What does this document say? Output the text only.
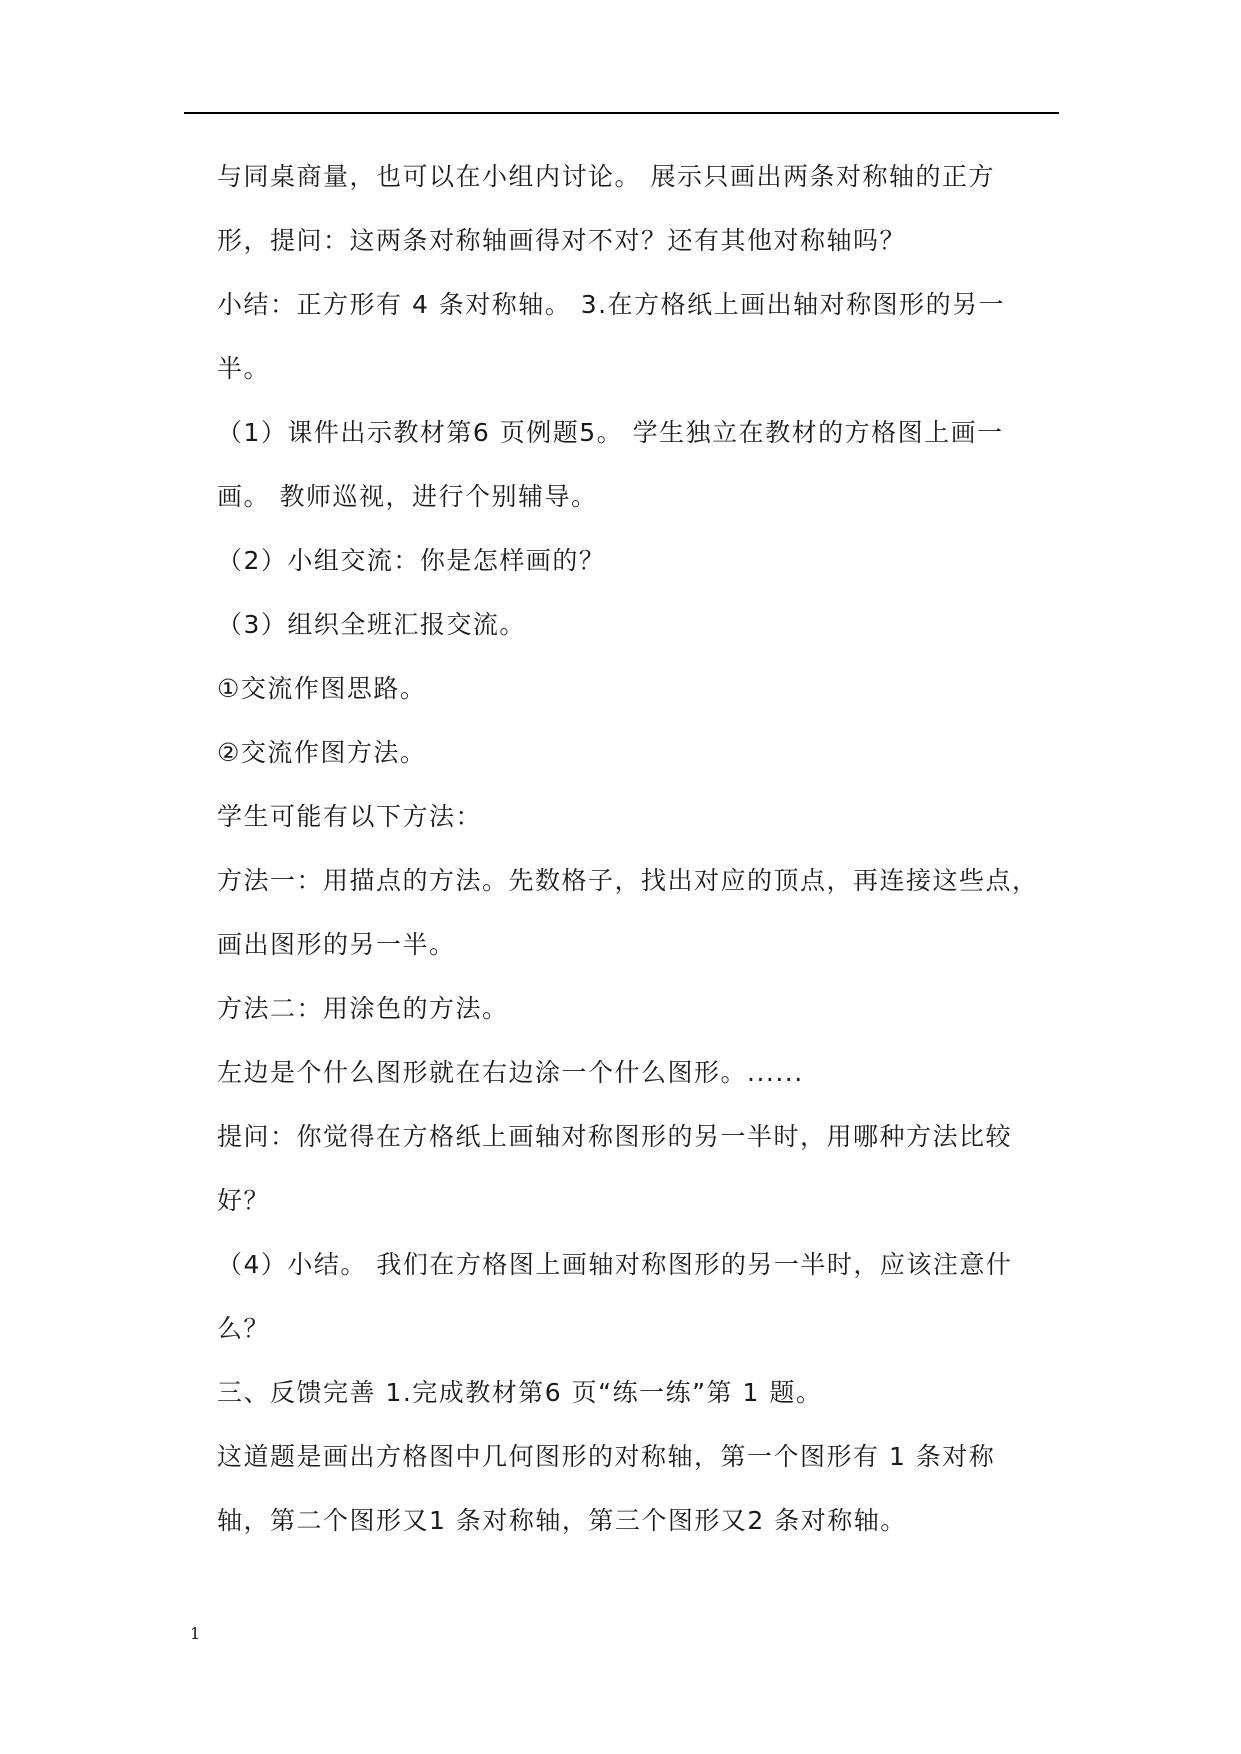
与同桌商量，也可以在小组内讨论。 展示只画出两条对称轴的正方
形，提问：这两条对称轴画得对不对？还有其他对称轴吗？
小结：正方形有 4 条对称轴。 3.在方格纸上画出轴对称图形的另一
半。
（1）课件出示教材第6 页例题5。 学生独立在教材的方格图上画一
画。 教师巡视，进行个别辅导。
（2）小组交流：你是怎样画的？
（3）组织全班汇报交流。
①交流作图思路。
②交流作图方法。
学生可能有以下方法：
方法一：用描点的方法。先数格子，找出对应的顶点，再连接这些点，
画出图形的另一半。
方法二：用涂色的方法。
左边是个什么图形就在右边涂一个什么图形。......
提问：你觉得在方格纸上画轴对称图形的另一半时，用哪种方法比较
好？
（4）小结。 我们在方格图上画轴对称图形的另一半时，应该注意什
么？
三、反馈完善 1.完成教材第6 页“练一练”第 1 题。
这道题是画出方格图中几何图形的对称轴，第一个图形有 1 条对称
轴，第二个图形又1 条对称轴，第三个图形又2 条对称轴。
1
